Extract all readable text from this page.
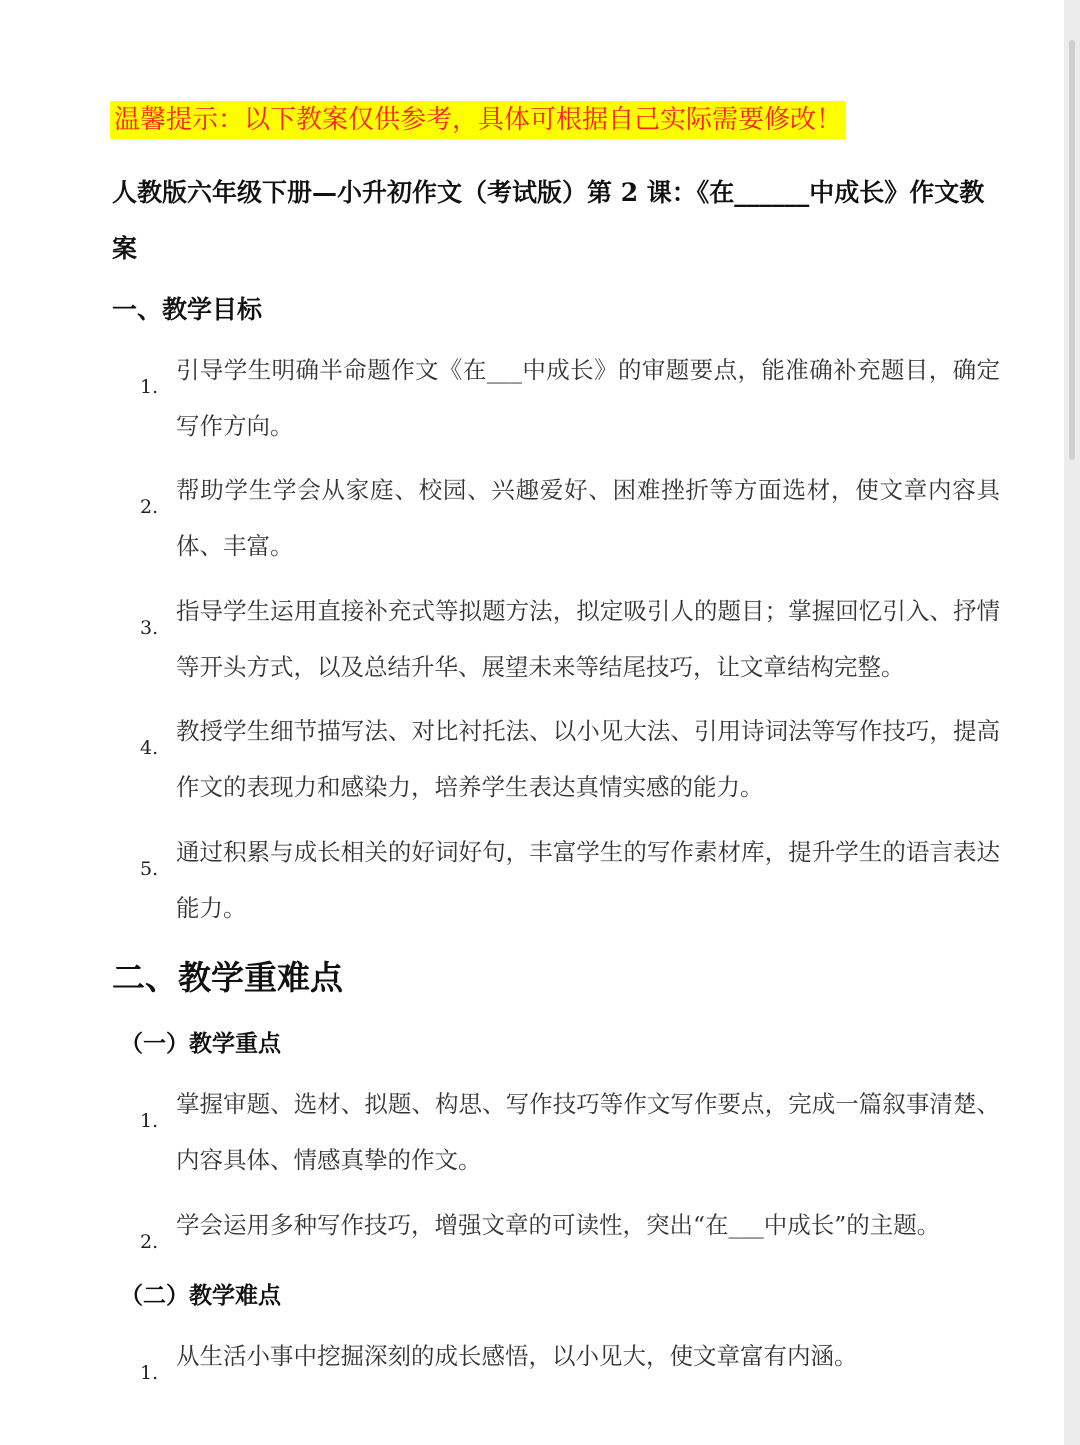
温馨提示：以下教案仅供参考，具体可根据自己实际需要修改！
人教版六年级下册—小升初作文（考试版）第 2 课：《在______中成长》作文教案
一、教学目标
1.
引导学生明确半命题作文《在___中成长》的审题要点，能准确补充题目，确定写作方向。
2.
帮助学生学会从家庭、校园、兴趣爱好、困难挫折等方面选材，使文章内容具体、丰富。
3.
指导学生运用直接补充式等拟题方法，拟定吸引人的题目；掌握回忆引入、抒情等开头方式，以及总结升华、展望未来等结尾技巧，让文章结构完整。
4.
教授学生细节描写法、对比衬托法、以小见大法、引用诗词法等写作技巧，提高作文的表现力和感染力，培养学生表达真情实感的能力。
5.
通过积累与成长相关的好词好句，丰富学生的写作素材库，提升学生的语言表达能力。
二、教学重难点
（一）教学重点
1.
掌握审题、选材、拟题、构思、写作技巧等作文写作要点，完成一篇叙事清楚、内容具体、情感真挚的作文。
2.
学会运用多种写作技巧，增强文章的可读性，突出“在___中成长”的主题。
（二）教学难点
1.
从生活小事中挖掘深刻的成长感悟，以小见大，使文章富有内涵。
